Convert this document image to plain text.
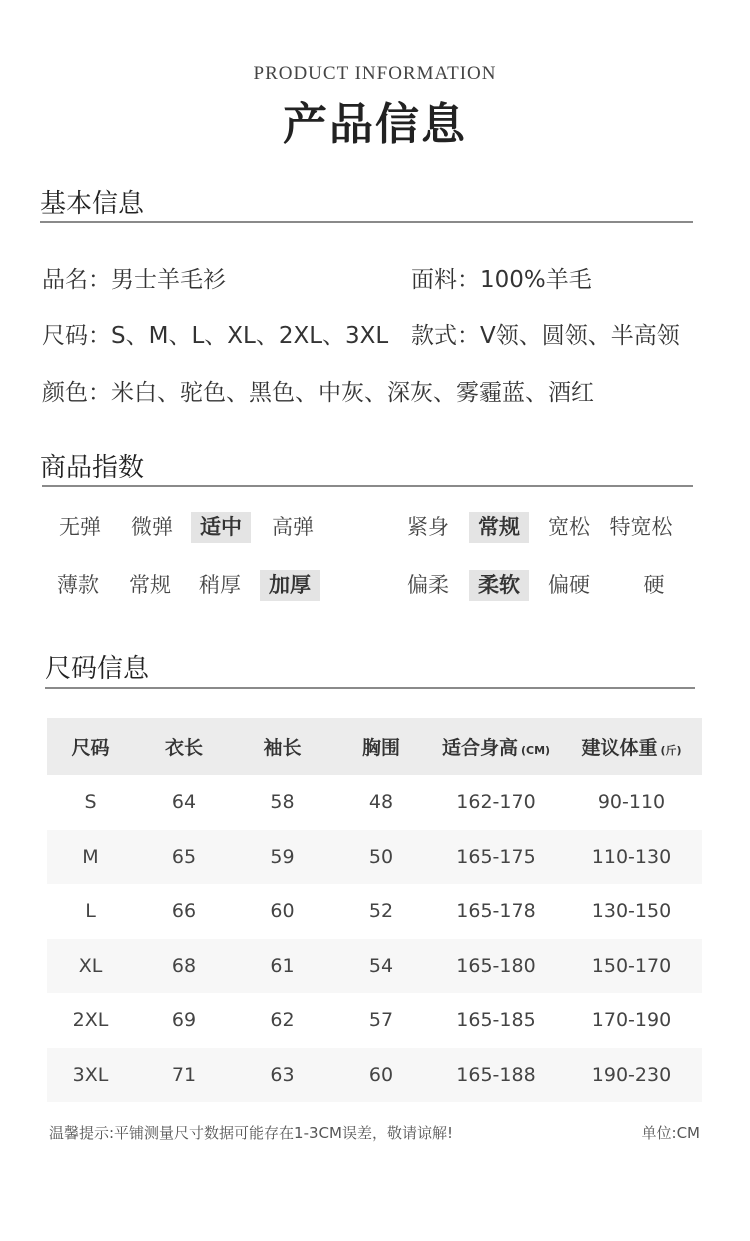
PRODUCT INFORMATION
产品信息
基本信息
品名：男士羊毛衫	面料：100%羊毛
尺码：S、M、L、XL、2XL、3XL 款式：V领、圆领、半高领
颜色：米白、驼色、黑色、中灰、深灰、雾霾蓝、酒红
商品指数
无弹	微弹	适中	高弹	紧身	常规	宽松 特宽松
薄款	常规	稍厚	加厚	偏柔	柔软	偏硬	硬
尺码信息
尺码	衣长	袖长	胸围	适合身高 (CM)	建议体重 (斤)
S	64	58	48	162-170	90-110
M	65	59	50	165-175	110-130
L	66	60	52	165-178	130-150
XL	68	61	54	165-180	150-170
2XL	69	62	57	165-185	170-190
3XL	71	63	60	165-188	190-230
温馨提示:平铺测量尺寸数据可能存在1-3CM误差，敬请谅解!	单位:CM
